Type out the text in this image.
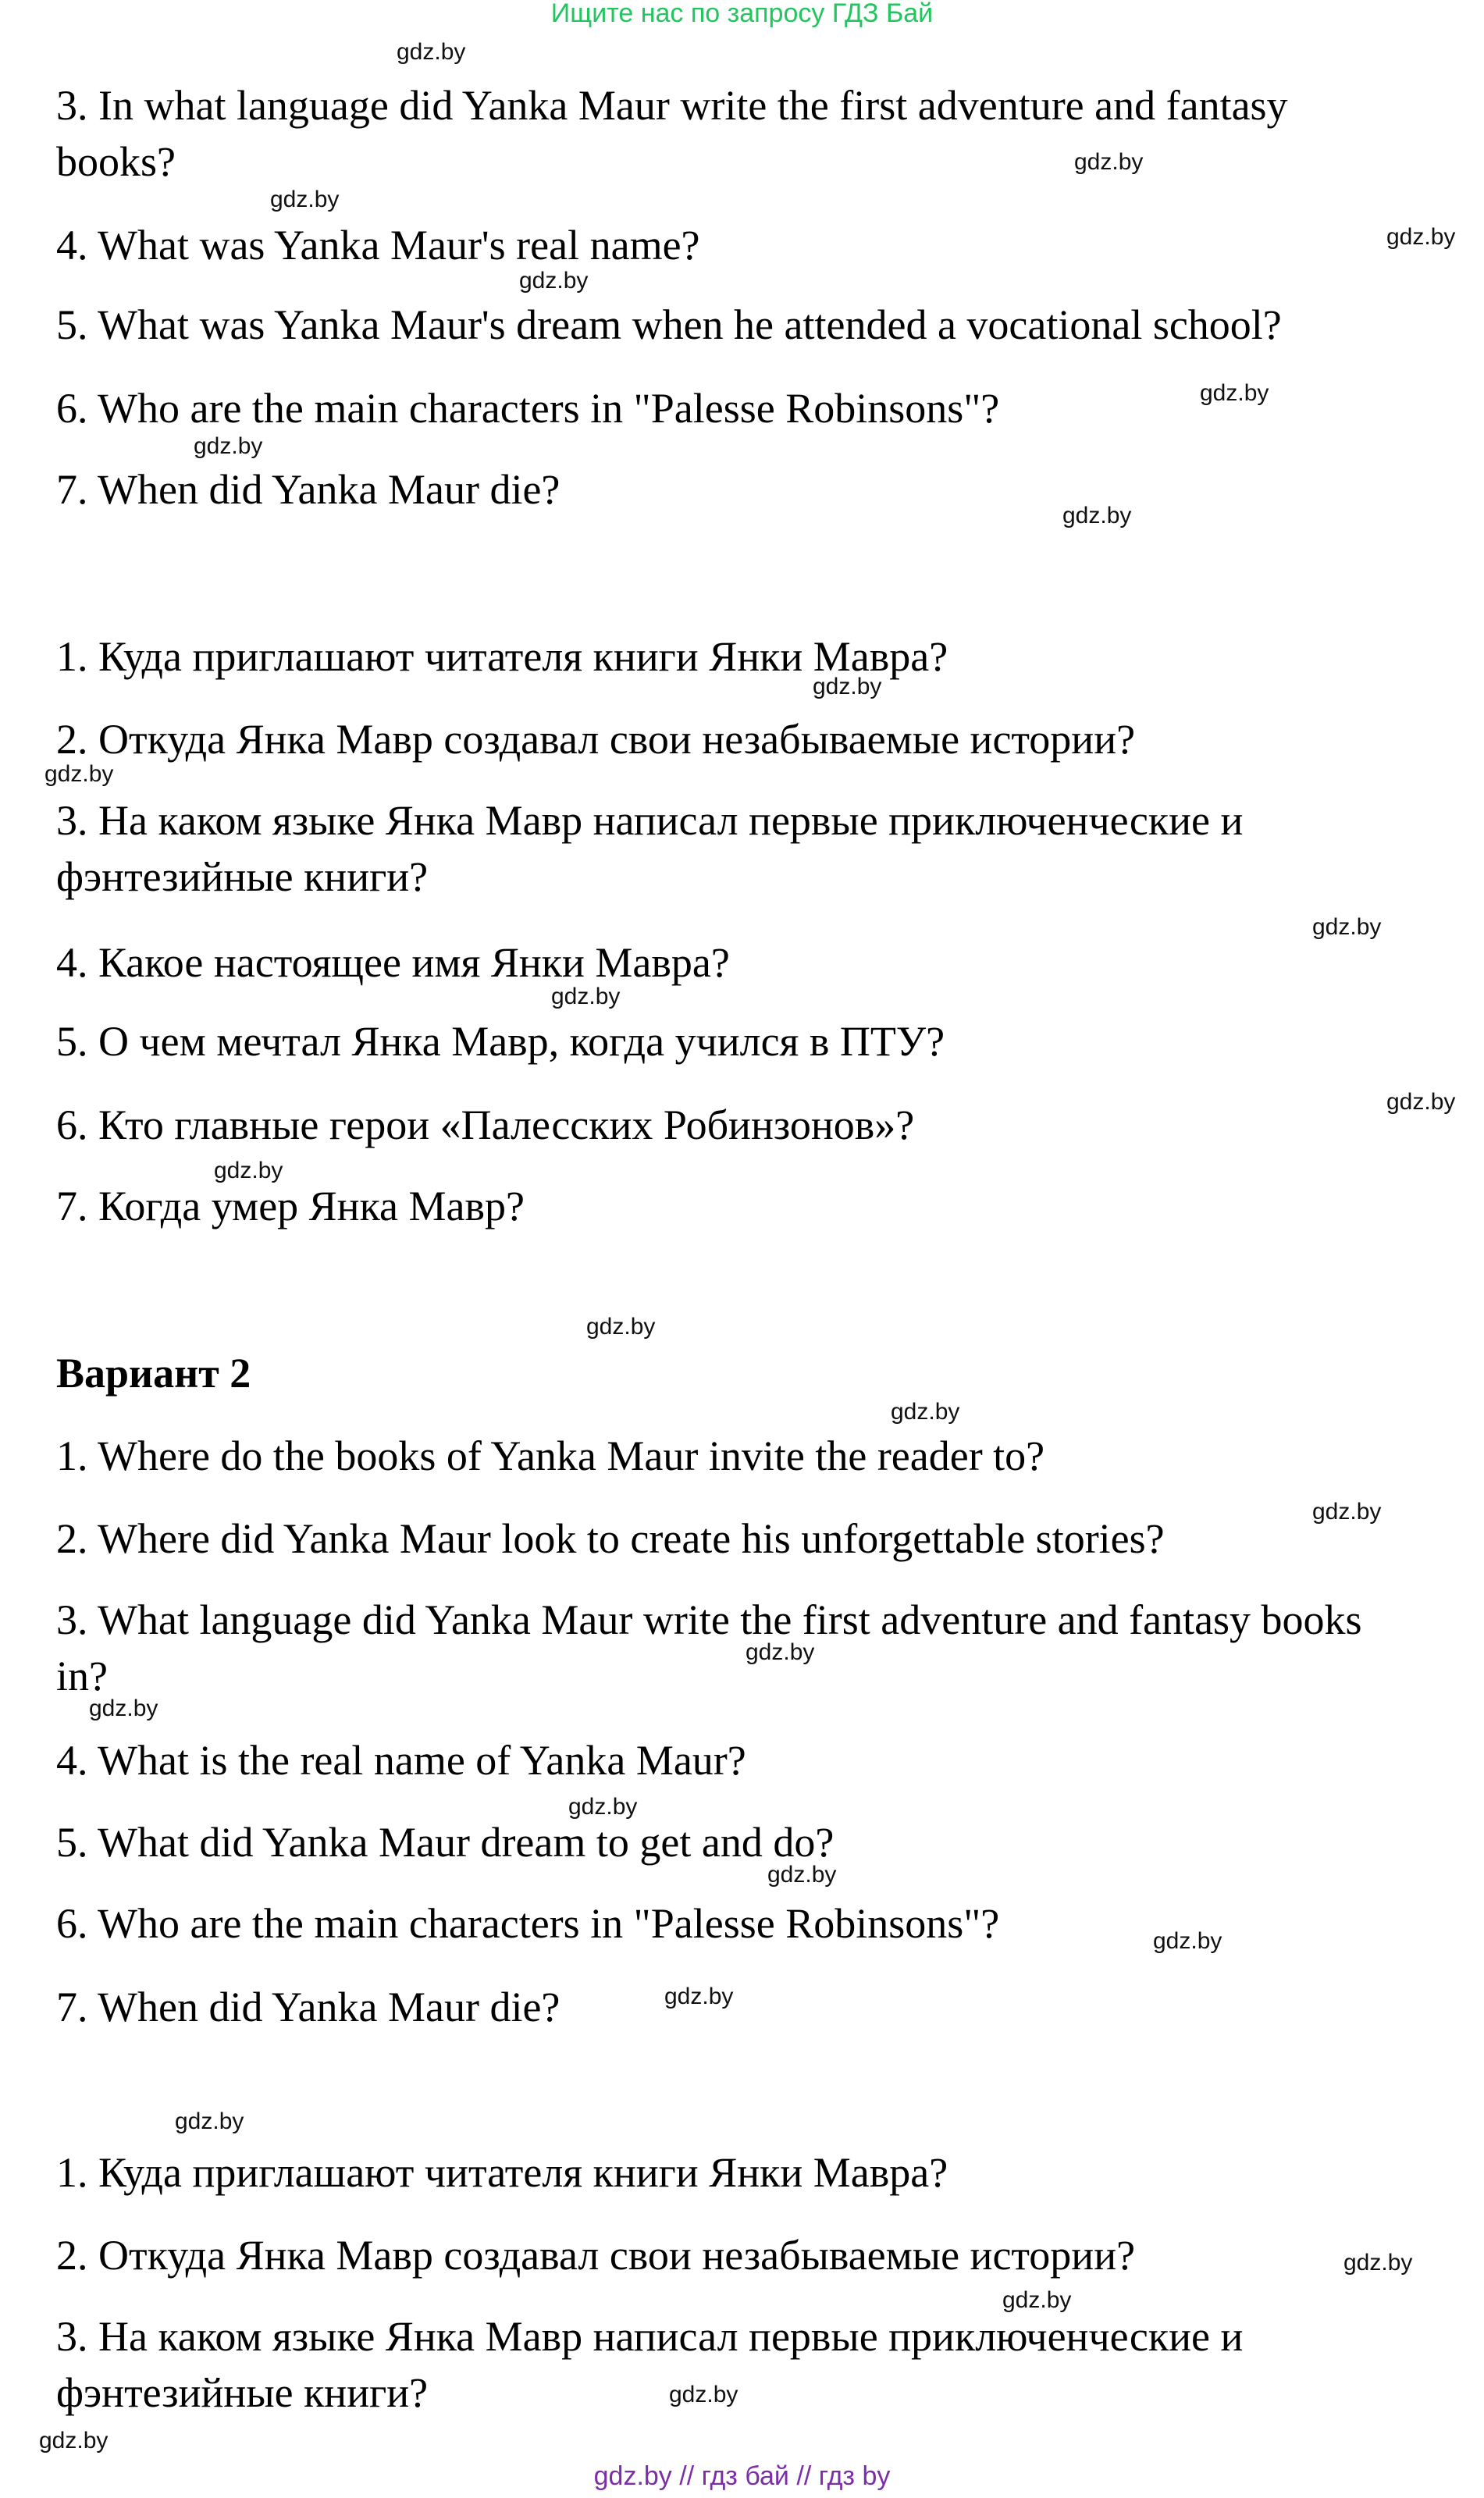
Ищите нас по запросу ГДЗ Бай
3. In what language did Yanka Maur write the first adventure and fantasy books?
4. What was Yanka Maur's real name?
5. What was Yanka Maur's dream when he attended a vocational school?
6. Who are the main characters in "Palesse Robinsons"?
7. When did Yanka Maur die?
1. Куда приглашают читателя книги Янки Мавра?
2. Откуда Янка Мавр создавал свои незабываемые истории?
3. На каком языке Янка Мавр написал первые приключенческие и фэнтезийные книги?
4. Какое настоящее имя Янки Мавра?
5. О чем мечтал Янка Мавр, когда учился в ПТУ?
6. Кто главные герои «Палесских Робинзонов»?
7. Когда умер Янка Мавр?
Вариант 2
1. Where do the books of Yanka Maur invite the reader to?
2. Where did Yanka Maur look to create his unforgettable stories?
3. What language did Yanka Maur write the first adventure and fantasy books in?
4. What is the real name of Yanka Maur?
5. What did Yanka Maur dream to get and do?
6. Who are the main characters in "Palesse Robinsons"?
7. When did Yanka Maur die?
1. Куда приглашают читателя книги Янки Мавра?
2. Откуда Янка Мавр создавал свои незабываемые истории?
3. На каком языке Янка Мавр написал первые приключенческие и фэнтезийные книги?
gdz.by
gdz.by
gdz.by
gdz.by
gdz.by
gdz.by
gdz.by
gdz.by
gdz.by
gdz.by
gdz.by
gdz.by
gdz.by
gdz.by
gdz.by
gdz.by
gdz.by
gdz.by
gdz.by
gdz.by
gdz.by
gdz.by
gdz.by
gdz.by
gdz.by
gdz.by
gdz.by
gdz.by
gdz.by // гдз бай // гдз by
